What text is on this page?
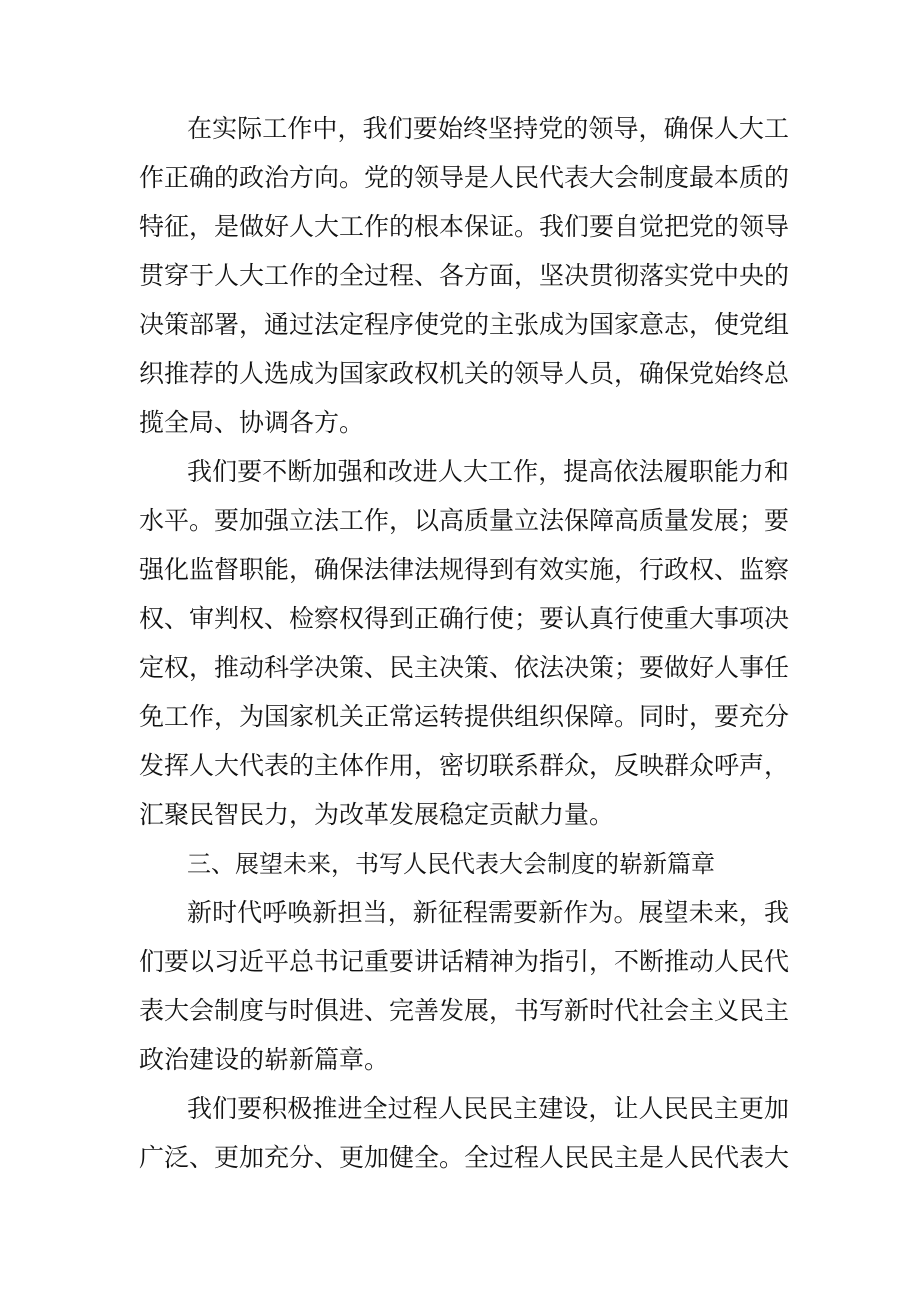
在实际工作中，我们要始终坚持党的领导，确保人大工
作正确的政治方向。党的领导是人民代表大会制度最本质的
特征，是做好人大工作的根本保证。我们要自觉把党的领导
贯穿于人大工作的全过程、各方面，坚决贯彻落实党中央的
决策部署，通过法定程序使党的主张成为国家意志，使党组
织推荐的人选成为国家政权机关的领导人员，确保党始终总
揽全局、协调各方。
我们要不断加强和改进人大工作，提高依法履职能力和
水平。要加强立法工作，以高质量立法保障高质量发展；要
强化监督职能，确保法律法规得到有效实施，行政权、监察
权、审判权、检察权得到正确行使；要认真行使重大事项决
定权，推动科学决策、民主决策、依法决策；要做好人事任
免工作，为国家机关正常运转提供组织保障。同时，要充分
发挥人大代表的主体作用，密切联系群众，反映群众呼声，
汇聚民智民力，为改革发展稳定贡献力量。
三、展望未来，书写人民代表大会制度的崭新篇章
新时代呼唤新担当，新征程需要新作为。展望未来，我
们要以习近平总书记重要讲话精神为指引，不断推动人民代
表大会制度与时俱进、完善发展，书写新时代社会主义民主
政治建设的崭新篇章。
我们要积极推进全过程人民民主建设，让人民民主更加
广泛、更加充分、更加健全。全过程人民民主是人民代表大
